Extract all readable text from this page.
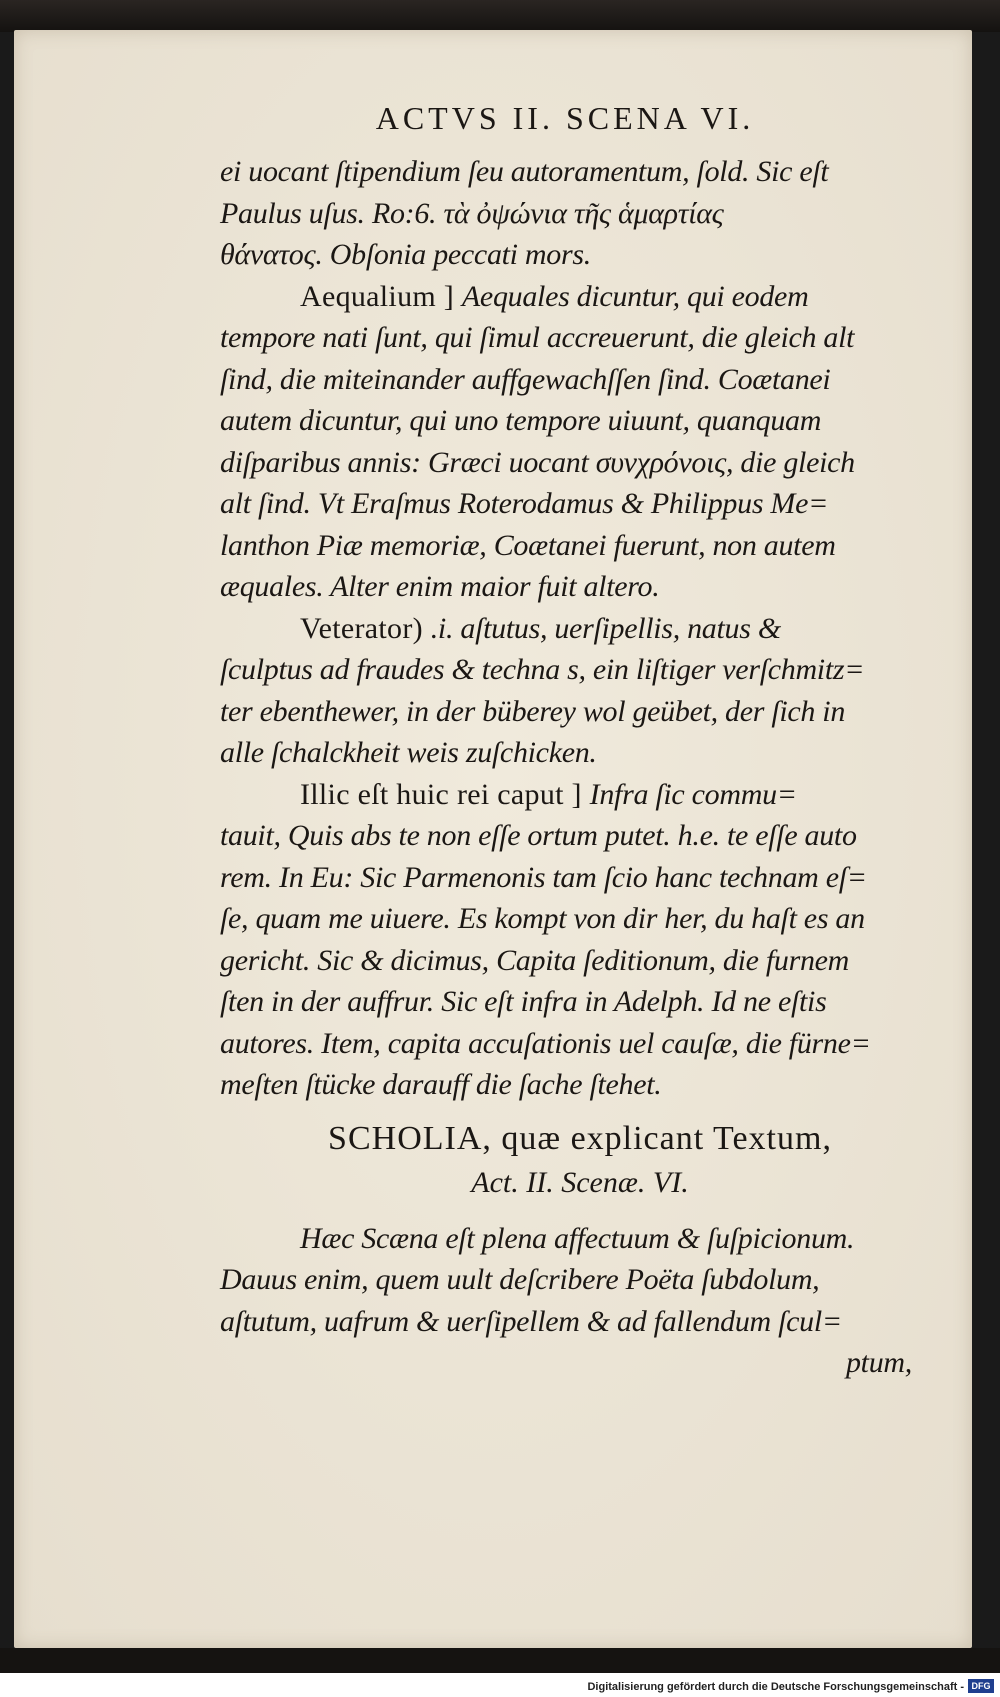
ACTVS II. SCENA VI.
ei uocant ſtipendium ſeu autoramentum, ſold. Sic eſt
Paulus uſus. Ro:6. τὰ ὀψώνια τῆς ἁμαρτίας
θάνατος. Obſonia peccati mors.
Aequalium ] Aequales dicuntur, qui eodem
tempore nati ſunt, qui ſimul accreuerunt, die gleich alt
ſind, die miteinander auffgewachſſen ſind. Coætanei
autem dicuntur, qui uno tempore uiuunt, quanquam
diſparibus annis: Græci uocant συνχρόνοις, die gleich
alt ſind. Vt Eraſmus Roterodamus & Philippus Me=
lanthon Piæ memoriæ, Coætanei fuerunt, non autem
æquales. Alter enim maior fuit altero.
Veterator) .i. aſtutus, uerſipellis, natus &
ſculptus ad fraudes & techna s, ein liſtiger verſchmitz=
ter ebenthewer, in der büberey wol geübet, der ſich in
alle ſchalckheit weis zuſchicken.
Illic eſt huic rei caput ] Infra ſic commu=
tauit, Quis abs te non eſſe ortum putet. h.e. te eſſe auto
rem. In Eu: Sic Parmenonis tam ſcio hanc technam eſ=
ſe, quam me uiuere. Es kompt von dir her, du haſt es an
gericht. Sic & dicimus, Capita ſeditionum, die furnem
ſten in der auffrur. Sic eſt infra in Adelph. Id ne eſtis
autores. Item, capita accuſationis uel cauſæ, die fürne=
meſten ſtücke darauff die ſache ſtehet.
SCHOLIA, quæ explicant Textum,
Act. II. Scenæ. VI.
Hæc Scæna eſt plena affectuum & ſuſpicionum.
Dauus enim, quem uult deſcribere Poëta ſubdolum,
aſtutum, uafrum & uerſipellem & ad fallendum ſcul=
ptum,
Digitalisierung gefördert durch die Deutsche Forschungsgemeinschaft - DFG
